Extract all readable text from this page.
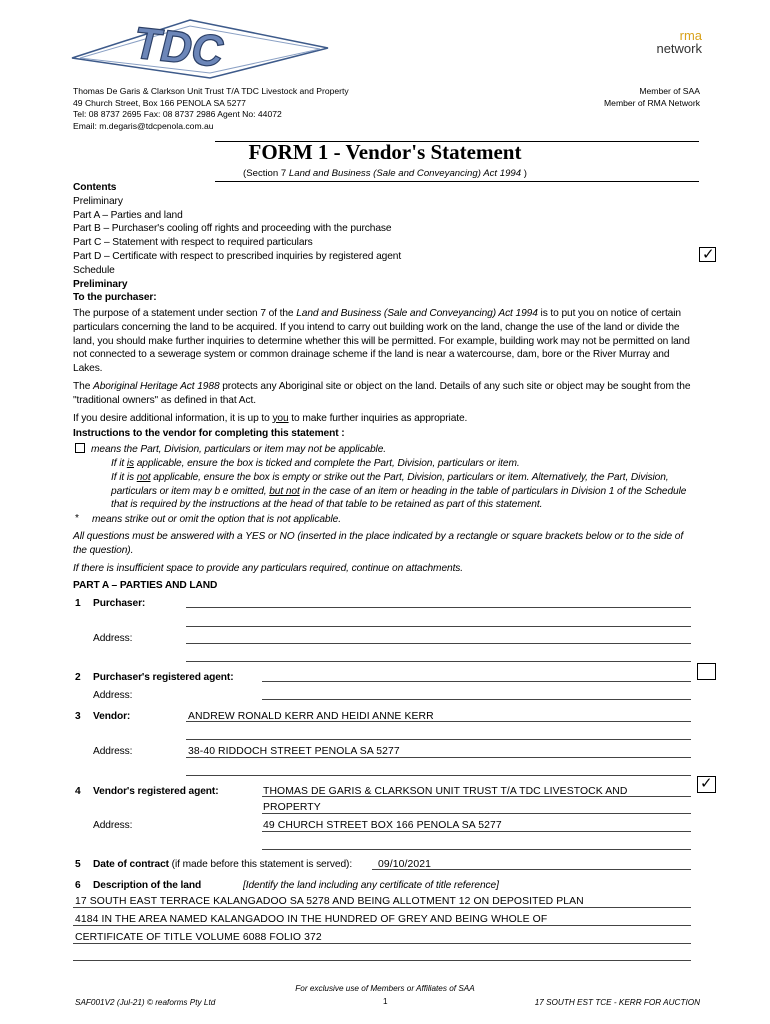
TDC	rma
network
Thomas De Garis & Clarkson Unit Trust T/A TDC Livestock and Property
49 Church Street, Box 166 PENOLA SA 5277
Tel: 08 8737 2695 Fax: 08 8737 2986 Agent No: 44072
Email: m.degaris@tdcpenola.com.au
Member of SAA
Member of RMA Network
FORM 1 - Vendor's Statement
(Section 7 Land and Business (Sale and Conveyancing) Act 1994 )
Contents
Preliminary
Part A – Parties and land
Part B – Purchaser's cooling off rights and proceeding with the purchase
Part C – Statement with respect to required particulars
Part D – Certificate with respect to prescribed inquiries by registered agent
Schedule
Preliminary
To the purchaser:
✓

The purpose of a statement under section 7 of the Land and Business (Sale and Conveyancing) Act 1994 is to put you on notice of certain particulars concerning the land to be acquired. If you intend to carry out building work on the land, change the use of the land or divide the land, you should make further inquiries to determine whether this will be permitted. For example, building work may not be permitted on land not connected to a sewerage system or common drainage scheme if the land is near a watercourse, dam, bore or the River Murray and Lakes.

The Aboriginal Heritage Act 1988 protects any Aboriginal site or object on the land. Details of any such site or object may be sought from the "traditional owners" as defined in that Act.

If you desire additional information, it is up to you to make further inquiries as appropriate.

Instructions to the vendor for completing this statement :

means the Part, Division, particulars or item may not be applicable.

If it is applicable, ensure the box is ticked and complete the Part, Division, particulars or item.

If it is not applicable, ensure the box is empty or strike out the Part, Division, particulars or item. Alternatively, the Part, Division, particulars or item may b e omitted, but not in the case of an item or heading in the table of particulars in Division 1 of the Schedule that is required by the instructions at the head of that table to be retained as part of this statement.

* means strike out or omit the option that is not applicable.
All questions must be answered with a YES or NO (inserted in the place indicated by a rectangle or square brackets below or to the side of the question).
If there is insufficient space to provide any particulars required, continue on attachments.
PART A – PARTIES AND LAND
1 Purchaser:
Address:
2 Purchaser's registered agent:
Address:
3 Vendor:	ANDREW RONALD KERR AND HEIDI ANNE KERR
Address:	38-40 RIDDOCH STREET PENOLA SA 5277
4 Vendor's registered agent:	THOMAS DE GARIS & CLARKSON UNIT TRUST T/A TDC LIVESTOCK AND
PROPERTY
✓
Address:	49 CHURCH STREET BOX 166 PENOLA SA 5277
5 Date of contract (if made before this statement is served): 09/10/2021
6 Description of the land	[Identify the land including any certificate of title reference]
17 SOUTH EAST TERRACE KALANGADOO SA 5278 AND BEING ALLOTMENT 12 ON DEPOSITED PLAN
4184 IN THE AREA NAMED KALANGADOO IN THE HUNDRED OF GREY AND BEING WHOLE OF
CERTIFICATE OF TITLE VOLUME 6088 FOLIO 372
For exclusive use of Members or Affiliates of SAA
SAF001V2 (Jul-21) © reaforms Pty Ltd	1	17 SOUTH EST TCE - KERR FOR AUCTION
